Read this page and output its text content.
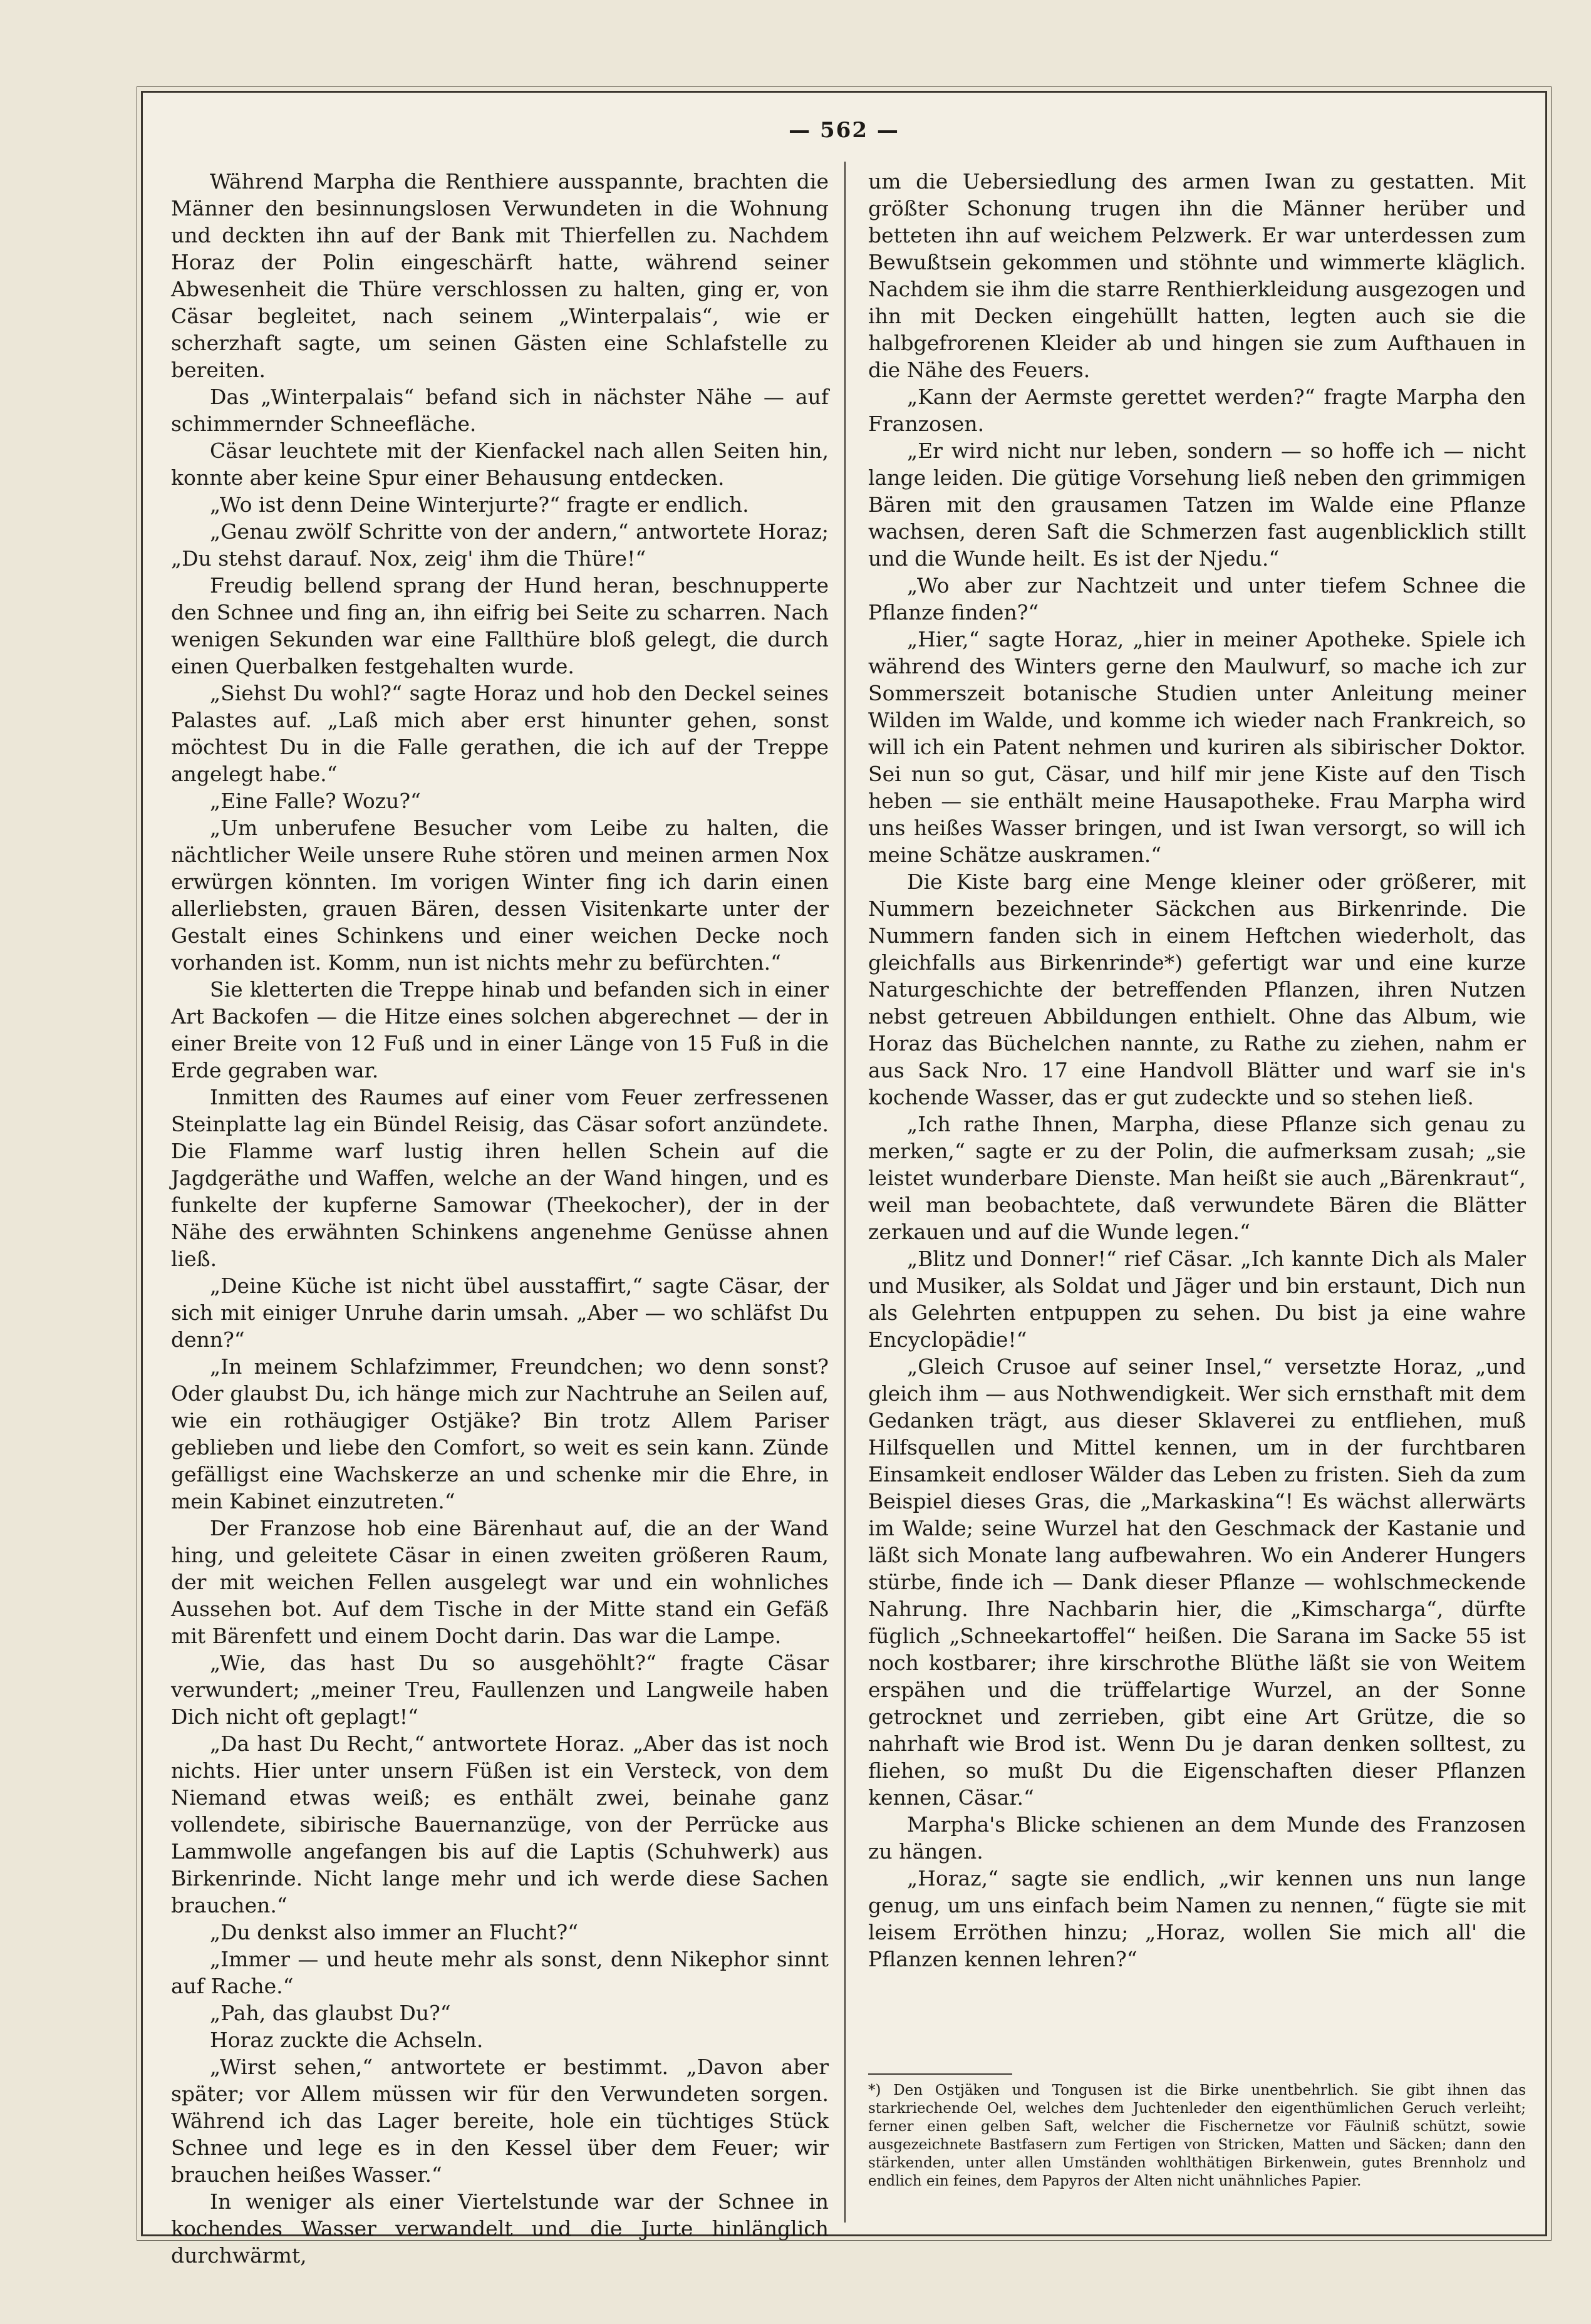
— 562 —

Während Marpha die Renthiere ausspannte, brachten die Männer den besinnungslosen Verwundeten in die Wohnung und deckten ihn auf der Bank mit Thierfellen zu. Nachdem Horaz der Polin eingeschärft hatte, während seiner Abwesenheit die Thüre verschlossen zu halten, ging er, von Cäsar begleitet, nach seinem „Winterpalais“, wie er scherzhaft sagte, um seinen Gästen eine Schlafstelle zu bereiten.

Das „Winterpalais“ befand sich in nächster Nähe — auf schimmernder Schneefläche.

Cäsar leuchtete mit der Kienfackel nach allen Seiten hin, konnte aber keine Spur einer Behausung entdecken.

„Wo ist denn Deine Winterjurte?“ fragte er endlich.

„Genau zwölf Schritte von der andern,“ antwortete Horaz; „Du stehst darauf. Nox, zeig' ihm die Thüre!“

Freudig bellend sprang der Hund heran, beschnupperte den Schnee und fing an, ihn eifrig bei Seite zu scharren. Nach wenigen Sekunden war eine Fallthüre bloß gelegt, die durch einen Querbalken festgehalten wurde.

„Siehst Du wohl?“ sagte Horaz und hob den Deckel seines Palastes auf. „Laß mich aber erst hinunter gehen, sonst möchtest Du in die Falle gerathen, die ich auf der Treppe angelegt habe.“

„Eine Falle? Wozu?“

„Um unberufene Besucher vom Leibe zu halten, die nächtlicher Weile unsere Ruhe stören und meinen armen Nox erwürgen könnten. Im vorigen Winter fing ich darin einen allerliebsten, grauen Bären, dessen Visitenkarte unter der Gestalt eines Schinkens und einer weichen Decke noch vorhanden ist. Komm, nun ist nichts mehr zu befürchten.“

Sie kletterten die Treppe hinab und befanden sich in einer Art Backofen — die Hitze eines solchen abgerechnet — der in einer Breite von 12 Fuß und in einer Länge von 15 Fuß in die Erde gegraben war.

Inmitten des Raumes auf einer vom Feuer zerfressenen Steinplatte lag ein Bündel Reisig, das Cäsar sofort anzündete. Die Flamme warf lustig ihren hellen Schein auf die Jagdgeräthe und Waffen, welche an der Wand hingen, und es funkelte der kupferne Samowar (Theekocher), der in der Nähe des erwähnten Schinkens angenehme Genüsse ahnen ließ.

„Deine Küche ist nicht übel ausstaffirt,“ sagte Cäsar, der sich mit einiger Unruhe darin umsah. „Aber — wo schläfst Du denn?“

„In meinem Schlafzimmer, Freundchen; wo denn sonst? Oder glaubst Du, ich hänge mich zur Nachtruhe an Seilen auf, wie ein rothäugiger Ostjäke? Bin trotz Allem Pariser geblieben und liebe den Comfort, so weit es sein kann. Zünde gefälligst eine Wachskerze an und schenke mir die Ehre, in mein Kabinet einzutreten.“

Der Franzose hob eine Bärenhaut auf, die an der Wand hing, und geleitete Cäsar in einen zweiten größeren Raum, der mit weichen Fellen ausgelegt war und ein wohnliches Aussehen bot. Auf dem Tische in der Mitte stand ein Gefäß mit Bärenfett und einem Docht darin. Das war die Lampe.

„Wie, das hast Du so ausgehöhlt?“ fragte Cäsar verwundert; „meiner Treu, Faullenzen und Langweile haben Dich nicht oft geplagt!“

„Da hast Du Recht,“ antwortete Horaz. „Aber das ist noch nichts. Hier unter unsern Füßen ist ein Versteck, von dem Niemand etwas weiß; es enthält zwei, beinahe ganz vollendete, sibirische Bauernanzüge, von der Perrücke aus Lammwolle angefangen bis auf die Laptis (Schuhwerk) aus Birkenrinde. Nicht lange mehr und ich werde diese Sachen brauchen.“

„Du denkst also immer an Flucht?“

„Immer — und heute mehr als sonst, denn Nikephor sinnt auf Rache.“

„Pah, das glaubst Du?“

Horaz zuckte die Achseln.

„Wirst sehen,“ antwortete er bestimmt. „Davon aber später; vor Allem müssen wir für den Verwundeten sorgen. Während ich das Lager bereite, hole ein tüchtiges Stück Schnee und lege es in den Kessel über dem Feuer; wir brauchen heißes Wasser.“

In weniger als einer Viertelstunde war der Schnee in kochendes Wasser verwandelt und die Jurte hinlänglich durchwärmt,

um die Uebersiedlung des armen Iwan zu gestatten. Mit größter Schonung trugen ihn die Männer herüber und betteten ihn auf weichem Pelzwerk. Er war unterdessen zum Bewußtsein gekommen und stöhnte und wimmerte kläglich. Nachdem sie ihm die starre Renthierkleidung ausgezogen und ihn mit Decken eingehüllt hatten, legten auch sie die halbgefrorenen Kleider ab und hingen sie zum Aufthauen in die Nähe des Feuers.

„Kann der Aermste gerettet werden?“ fragte Marpha den Franzosen.

„Er wird nicht nur leben, sondern — so hoffe ich — nicht lange leiden. Die gütige Vorsehung ließ neben den grimmigen Bären mit den grausamen Tatzen im Walde eine Pflanze wachsen, deren Saft die Schmerzen fast augenblicklich stillt und die Wunde heilt. Es ist der Njedu.“

„Wo aber zur Nachtzeit und unter tiefem Schnee die Pflanze finden?“

„Hier,“ sagte Horaz, „hier in meiner Apotheke. Spiele ich während des Winters gerne den Maulwurf, so mache ich zur Sommerszeit botanische Studien unter Anleitung meiner Wilden im Walde, und komme ich wieder nach Frankreich, so will ich ein Patent nehmen und kuriren als sibirischer Doktor. Sei nun so gut, Cäsar, und hilf mir jene Kiste auf den Tisch heben — sie enthält meine Hausapotheke. Frau Marpha wird uns heißes Wasser bringen, und ist Iwan versorgt, so will ich meine Schätze auskramen.“

Die Kiste barg eine Menge kleiner oder größerer, mit Nummern bezeichneter Säckchen aus Birkenrinde. Die Nummern fanden sich in einem Heftchen wiederholt, das gleichfalls aus Birkenrinde*) gefertigt war und eine kurze Naturgeschichte der betreffenden Pflanzen, ihren Nutzen nebst getreuen Abbildungen enthielt. Ohne das Album, wie Horaz das Büchelchen nannte, zu Rathe zu ziehen, nahm er aus Sack Nro. 17 eine Handvoll Blätter und warf sie in's kochende Wasser, das er gut zudeckte und so stehen ließ.

„Ich rathe Ihnen, Marpha, diese Pflanze sich genau zu merken,“ sagte er zu der Polin, die aufmerksam zusah; „sie leistet wunderbare Dienste. Man heißt sie auch „Bärenkraut“, weil man beobachtete, daß verwundete Bären die Blätter zerkauen und auf die Wunde legen.“

„Blitz und Donner!“ rief Cäsar. „Ich kannte Dich als Maler und Musiker, als Soldat und Jäger und bin erstaunt, Dich nun als Gelehrten entpuppen zu sehen. Du bist ja eine wahre Encyclopädie!“

„Gleich Crusoe auf seiner Insel,“ versetzte Horaz, „und gleich ihm — aus Nothwendigkeit. Wer sich ernsthaft mit dem Gedanken trägt, aus dieser Sklaverei zu entfliehen, muß Hilfsquellen und Mittel kennen, um in der furchtbaren Einsamkeit endloser Wälder das Leben zu fristen. Sieh da zum Beispiel dieses Gras, die „Markaskina“! Es wächst allerwärts im Walde; seine Wurzel hat den Geschmack der Kastanie und läßt sich Monate lang aufbewahren. Wo ein Anderer Hungers stürbe, finde ich — Dank dieser Pflanze — wohlschmeckende Nahrung. Ihre Nachbarin hier, die „Kimscharga“, dürfte füglich „Schneekartoffel“ heißen. Die Sarana im Sacke 55 ist noch kostbarer; ihre kirschrothe Blüthe läßt sie von Weitem erspähen und die trüffelartige Wurzel, an der Sonne getrocknet und zerrieben, gibt eine Art Grütze, die so nahrhaft wie Brod ist. Wenn Du je daran denken solltest, zu fliehen, so mußt Du die Eigenschaften dieser Pflanzen kennen, Cäsar.“

Marpha's Blicke schienen an dem Munde des Franzosen zu hängen.

„Horaz,“ sagte sie endlich, „wir kennen uns nun lange genug, um uns einfach beim Namen zu nennen,“ fügte sie mit leisem Erröthen hinzu; „Horaz, wollen Sie mich all' die Pflanzen kennen lehren?“

*) Den Ostjäken und Tongusen ist die Birke unentbehrlich. Sie gibt ihnen das starkriechende Oel, welches dem Juchtenleder den eigenthümlichen Geruch verleiht; ferner einen gelben Saft, welcher die Fischernetze vor Fäulniß schützt, sowie ausgezeichnete Bastfasern zum Fertigen von Stricken, Matten und Säcken; dann den stärkenden, unter allen Umständen wohlthätigen Birkenwein, gutes Brennholz und endlich ein feines, dem Papyros der Alten nicht unähnliches Papier.
